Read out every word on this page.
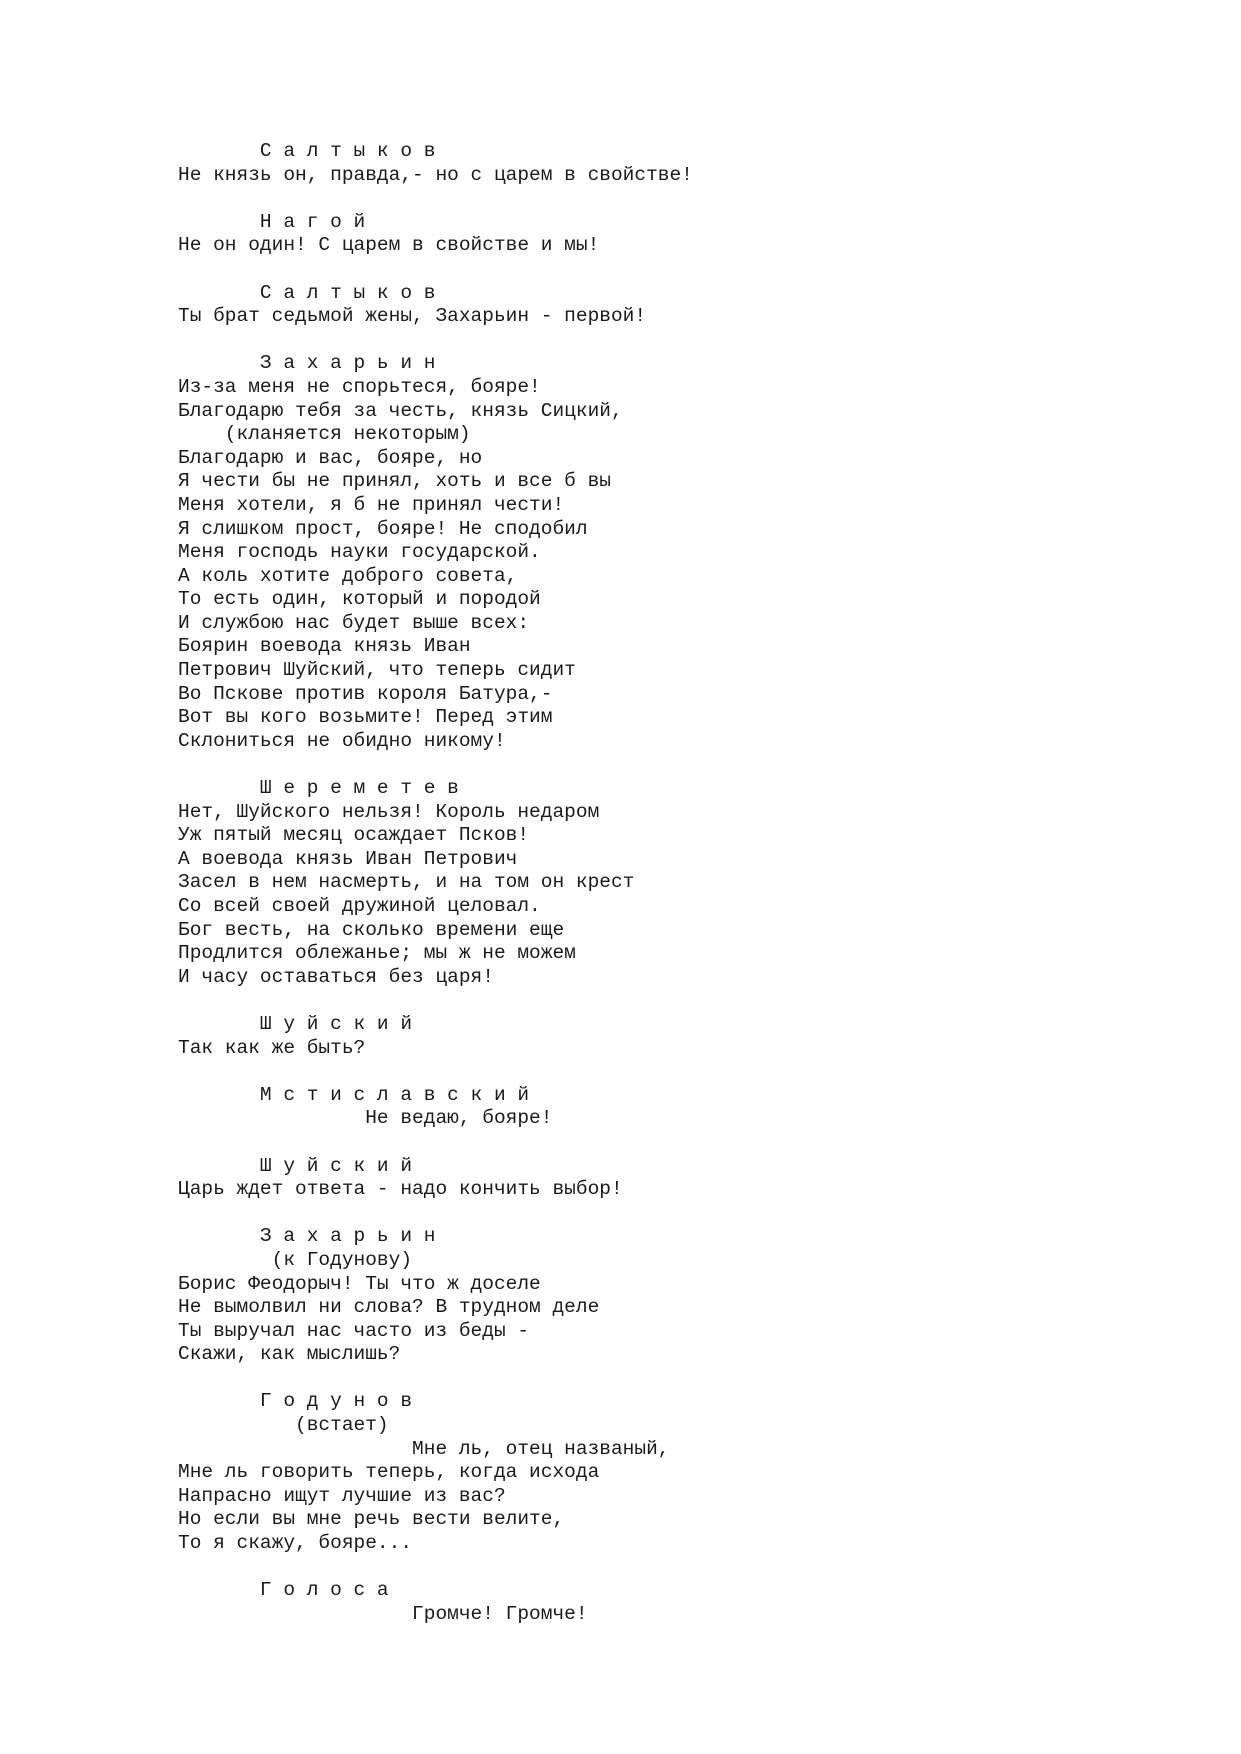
С а л т ы к о в
Не князь он, правда,- но с царем в свойстве!
Н а г о й
Не он один! С царем в свойстве и мы!
С а л т ы к о в
Ты брат седьмой жены, Захарьин - первой!
З а х а р ь и н
Из-за меня не спорьтеся, бояре!
Благодарю тебя за честь, князь Сицкий,
(кланяется некоторым)
Благодарю и вас, бояре, но
Я чести бы не принял, хоть и все б вы
Меня хотели, я б не принял чести!
Я слишком прост, бояре! Не сподобил
Меня господь науки государской.
А коль хотите доброго совета,
То есть один, который и породой
И службою нас будет выше всех:
Боярин воевода князь Иван
Петрович Шуйский, что теперь сидит
Во Пскове против короля Батура,-
Вот вы кого возьмите! Перед этим
Склониться не обидно никому!
Ш е р е м е т е в
Нет, Шуйского нельзя! Король недаром
Уж пятый месяц осаждает Псков!
А воевода князь Иван Петрович
Засел в нем насмерть, и на том он крест
Со всей своей дружиной целовал.
Бог весть, на сколько времени еще
Продлится облежанье; мы ж не можем
И часу оставаться без царя!
Ш у й с к и й
Так как же быть?
М с т и с л а в с к и й
Не ведаю, бояре!
Ш у й с к и й
Царь ждет ответа - надо кончить выбор!
З а х а р ь и н
(к Годунову)
Борис Феодорыч! Ты что ж доселе
Не вымолвил ни слова? В трудном деле
Ты выручал нас часто из беды -
Скажи, как мыслишь?
Г о д у н о в
(встает)
Мне ль, отец названый,
Мне ль говорить теперь, когда исхода
Напрасно ищут лучшие из вас?
Но если вы мне речь вести велите,
То я скажу, бояре...
Г о л о с а
Громче! Громче!
